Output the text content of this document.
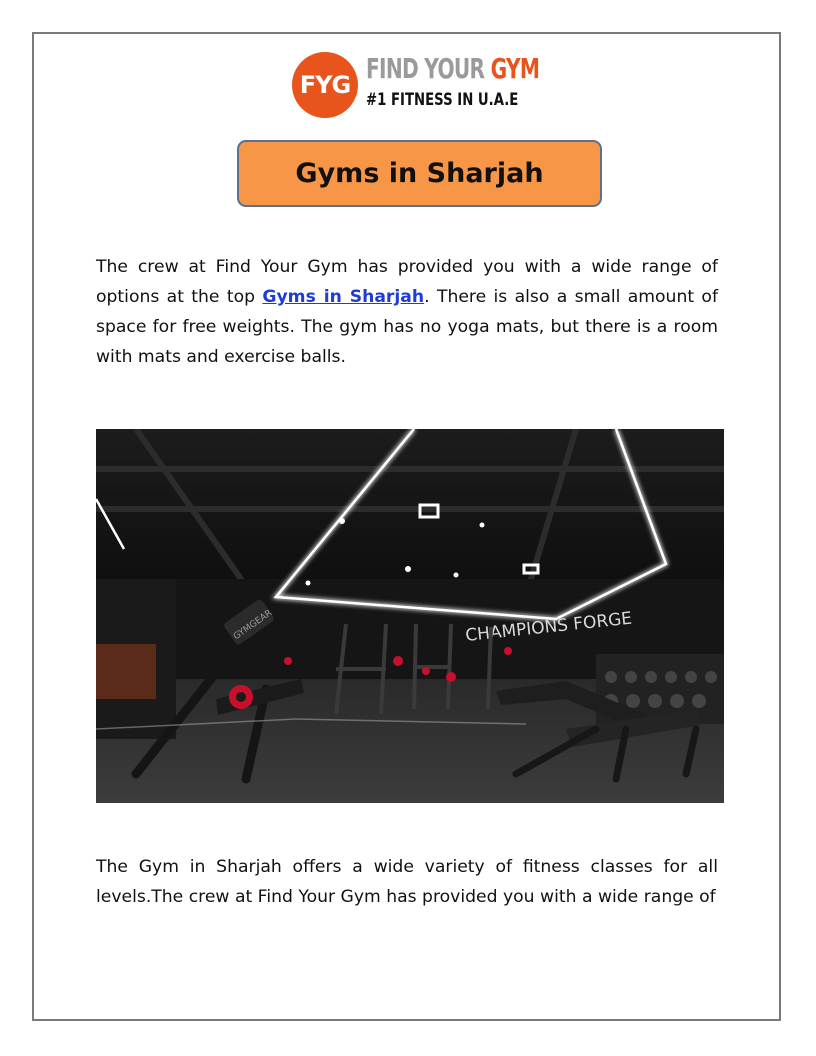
FYG FIND YOUR GYM
#1 FITNESS IN U.A.E
Gyms in Sharjah

The crew at Find Your Gym has provided you with a wide range of options at the top Gyms in Sharjah. There is also a small amount of space for free weights. The gym has no yoga mats, but there is a room with mats and exercise balls.

CHAMPIONS FORGE
GYMGEAR

The Gym in Sharjah offers a wide variety of fitness classes for all levels.The crew at Find Your Gym has provided you with a wide range of
